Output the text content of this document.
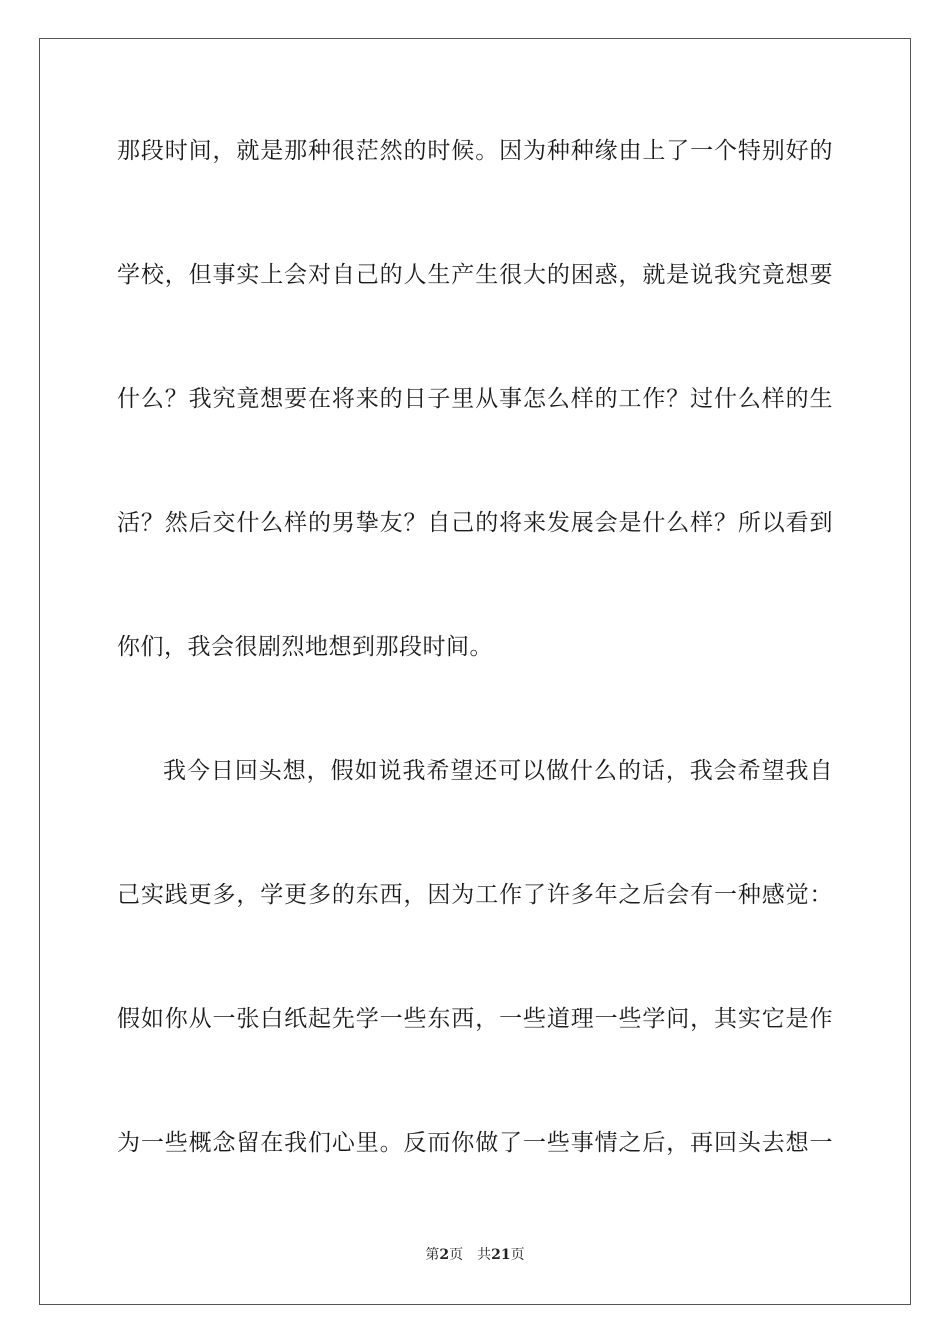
那段时间，就是那种很茫然的时候。因为种种缘由上了一个特别好的
学校，但事实上会对自己的人生产生很大的困惑，就是说我究竟想要
什么？我究竟想要在将来的日子里从事怎么样的工作？过什么样的生
活？然后交什么样的男挚友？自己的将来发展会是什么样？所以看到
你们，我会很剧烈地想到那段时间。
我今日回头想，假如说我希望还可以做什么的话，我会希望我自
己实践更多，学更多的东西，因为工作了许多年之后会有一种感觉：
假如你从一张白纸起先学一些东西，一些道理一些学问，其实它是作
为一些概念留在我们心里。反而你做了一些事情之后，再回头去想一
第2页 共21页
